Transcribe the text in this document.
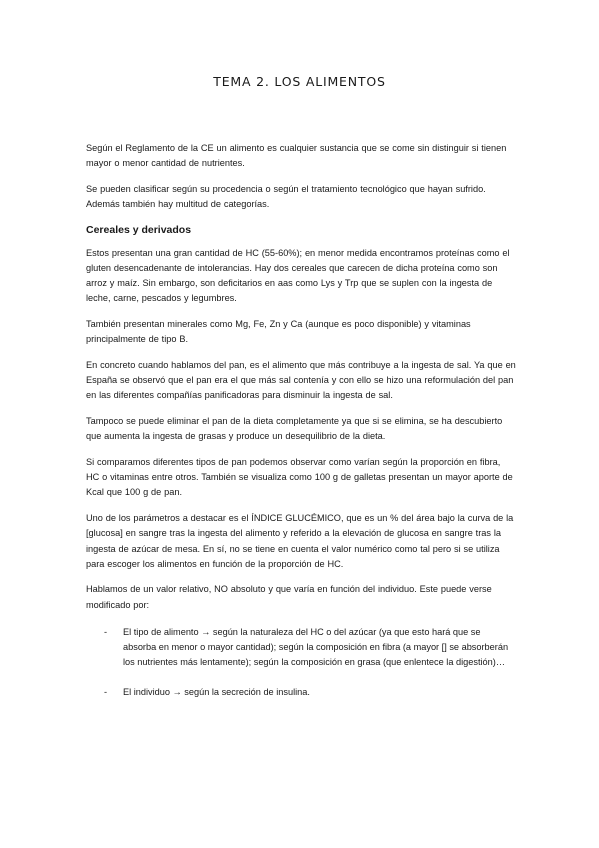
TEMA 2. LOS ALIMENTOS

Según el Reglamento de la CE un alimento es cualquier sustancia que se come sin distinguir si tienen mayor o menor cantidad de nutrientes.

Se pueden clasificar según su procedencia o según el tratamiento tecnológico que hayan sufrido. Además también hay multitud de categorías.

Cereales y derivados

Estos presentan una gran cantidad de HC (55-60%); en menor medida encontramos proteínas como el gluten desencadenante de intolerancias. Hay dos cereales que carecen de dicha proteína como son arroz y maíz. Sin embargo, son deficitarios en aas como Lys y Trp que se suplen con la ingesta de leche, carne, pescados y legumbres.

También presentan minerales como Mg, Fe, Zn y Ca (aunque es poco disponible) y vitaminas principalmente de tipo B.

En concreto cuando hablamos del pan, es el alimento que más contribuye a la ingesta de sal. Ya que en España se observó que el pan era el que más sal contenía y con ello se hizo una reformulación del pan en las diferentes compañías panificadoras para disminuir la ingesta de sal.

Tampoco se puede eliminar el pan de la dieta completamente ya que si se elimina, se ha descubierto que aumenta la ingesta de grasas y produce un desequilibrio de la dieta.

Si comparamos diferentes tipos de pan podemos observar como varían según la proporción en fibra, HC o vitaminas entre otros. También se visualiza como 100 g de galletas presentan un mayor aporte de Kcal que 100 g de pan.

Uno de los parámetros a destacar es el ÍNDICE GLUCÉMICO, que es un % del área bajo la curva de la [glucosa] en sangre tras la ingesta del alimento y referido a la elevación de glucosa en sangre tras la ingesta de azúcar de mesa. En sí, no se tiene en cuenta el valor numérico como tal pero si se utiliza para escoger los alimentos en función de la proporción de HC.

Hablamos de un valor relativo, NO absoluto y que varía en función del individuo. Este puede verse modificado por:

- El tipo de alimento → según la naturaleza del HC o del azúcar (ya que esto hará que se absorba en menor o mayor cantidad); según la composición en fibra (a mayor [] se absorberán los nutrientes más lentamente); según la composición en grasa (que enlentece la digestión)…
- El individuo → según la secreción de insulina.
